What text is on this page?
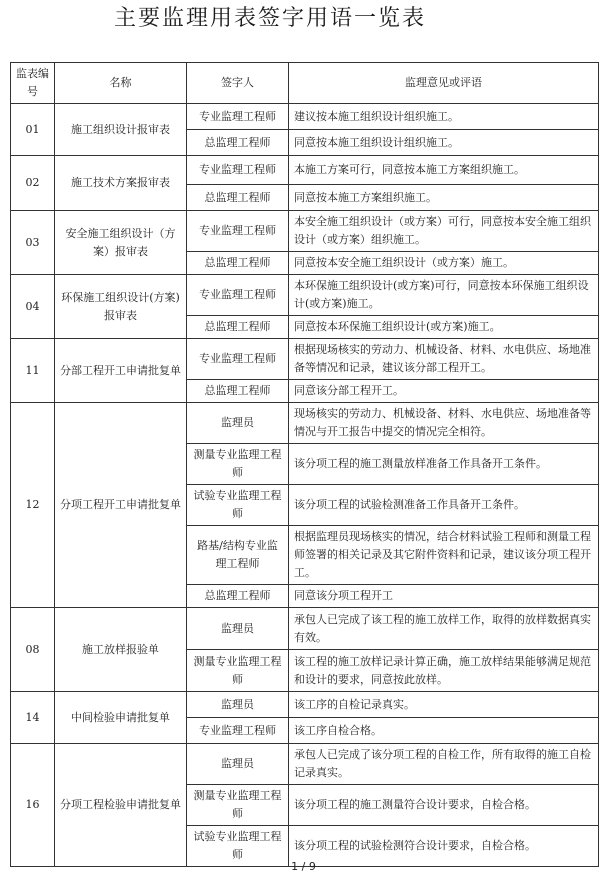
主要监理用表签字用语一览表
监表编号	名称	签字人	监理意见或评语
01	施工组织设计报审表	专业监理工程师	建议按本施工组织设计组织施工。
		总监理工程师	同意按本施工组织设计组织施工。
02	施工技术方案报审表	专业监理工程师	本施工方案可行，同意按本施工方案组织施工。
		总监理工程师	同意按本施工方案组织施工。
03	安全施工组织设计（方案）报审表	专业监理工程师	本安全施工组织设计（或方案）可行，同意按本安全施工组织设计（或方案）组织施工。
		总监理工程师	同意按本安全施工组织设计（或方案）施工。
04	环保施工组织设计(方案)报审表	专业监理工程师	本环保施工组织设计(或方案)可行，同意按本环保施工组织设计(或方案)施工。
		总监理工程师	同意按本环保施工组织设计(或方案)施工。
11	分部工程开工申请批复单	专业监理工程师	根据现场核实的劳动力、机械设备、材料、水电供应、场地准备等情况和记录，建议该分部工程开工。
		总监理工程师	同意该分部工程开工。
12	分项工程开工申请批复单	监理员	现场核实的劳动力、机械设备、材料、水电供应、场地准备等情况与开工报告中提交的情况完全相符。
		测量专业监理工程师	该分项工程的施工测量放样准备工作具备开工条件。
		试验专业监理工程师	该分项工程的试验检测准备工作具备开工条件。
		路基/结构专业监理工程师	根据监理员现场核实的情况，结合材料试验工程师和测量工程师签署的相关记录及其它附件资料和记录，建议该分项工程开工。
		总监理工程师	同意该分项工程开工
08	施工放样报验单	监理员	承包人已完成了该工程的施工放样工作，取得的放样数据真实有效。
		测量专业监理工程师	该工程的施工放样记录计算正确，施工放样结果能够满足规范和设计的要求，同意按此放样。
14	中间检验申请批复单	监理员	该工序的自检记录真实。
		专业监理工程师	该工序自检合格。
16	分项工程检验申请批复单	监理员	承包人已完成了该分项工程的自检工作，所有取得的施工自检记录真实。
		测量专业监理工程师	该分项工程的施工测量符合设计要求，自检合格。
		试验专业监理工程师	该分项工程的试验检测符合设计要求，自检合格。
1 / 9
